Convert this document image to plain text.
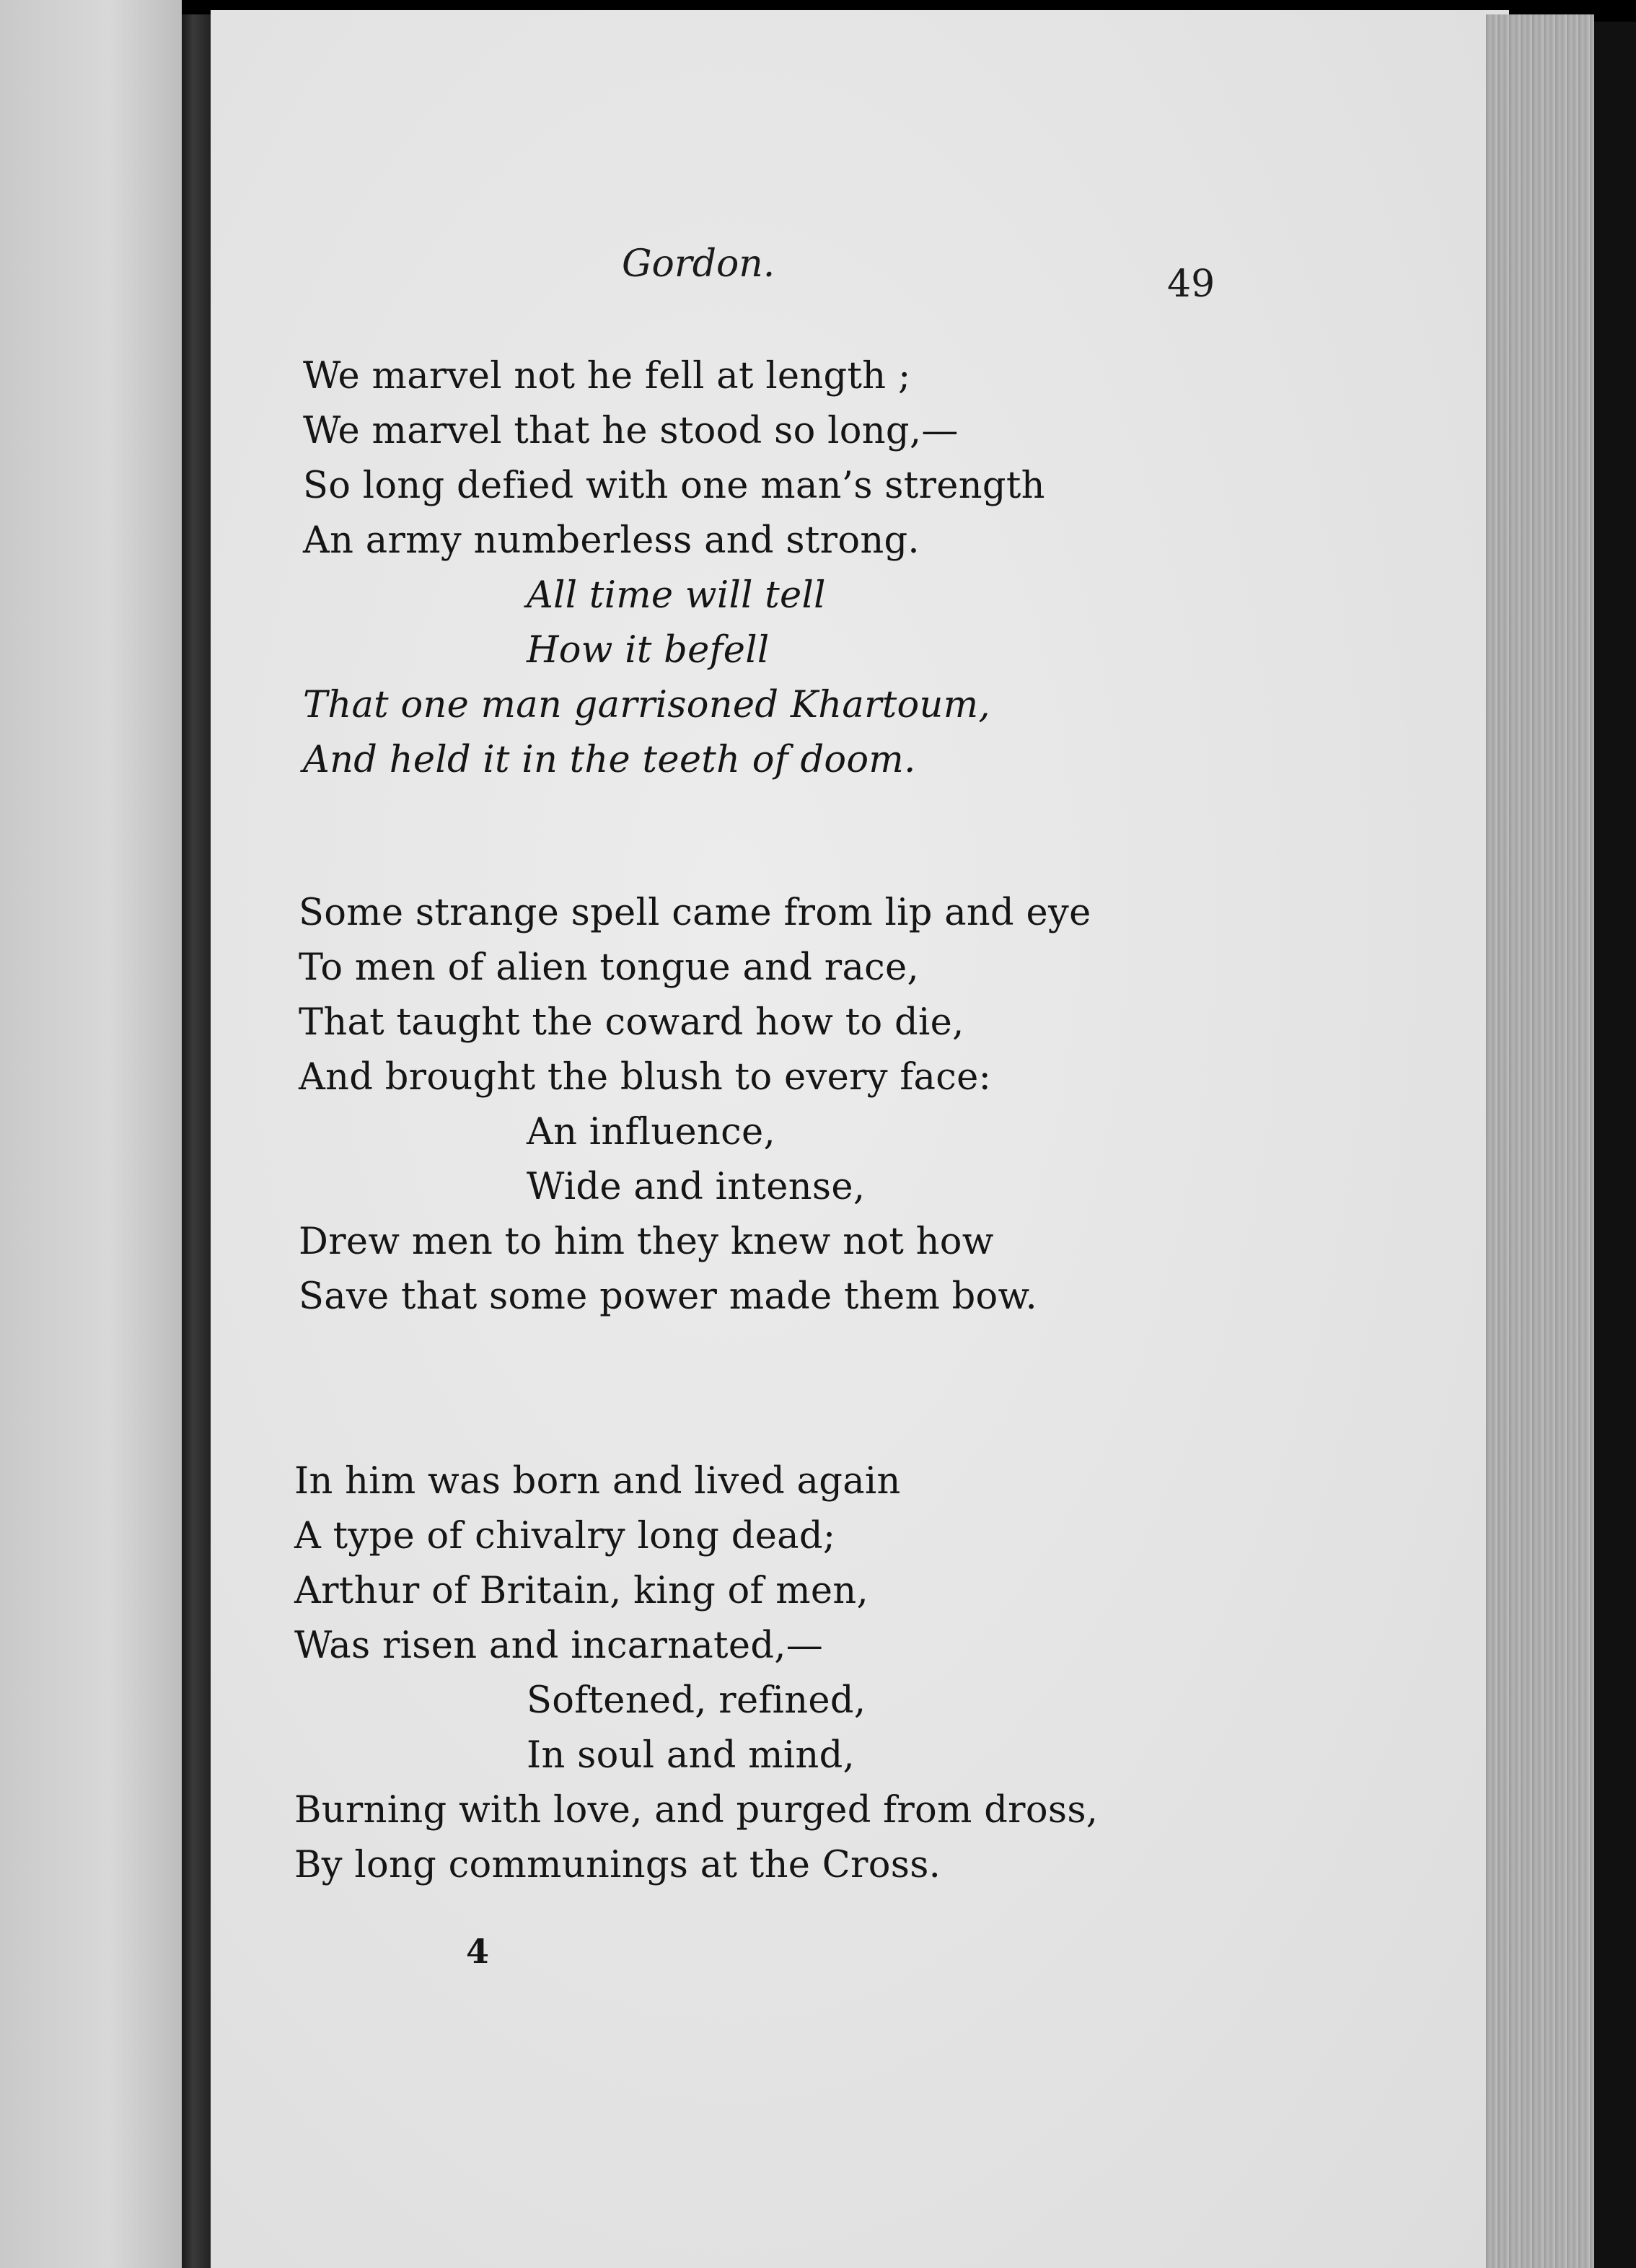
Gordon.	49
We marvel not he fell at length ;
We marvel that he stood so long,—
So long defied with one man’s strength
An army numberless and strong.
All time will tell
How it befell
That one man garrisoned Khartoum,
And held it in the teeth of doom.
Some strange spell came from lip and eye
To men of alien tongue and race,
That taught the coward how to die,
And brought the blush to every face:
An influence,
Wide and intense,
Drew men to him they knew not how
Save that some power made them bow.
In him was born and lived again
A type of chivalry long dead;
Arthur of Britain, king of men,
Was risen and incarnated,—
Softened, refined,
In soul and mind,
Burning with love, and purged from dross,
By long communings at the Cross.
4
